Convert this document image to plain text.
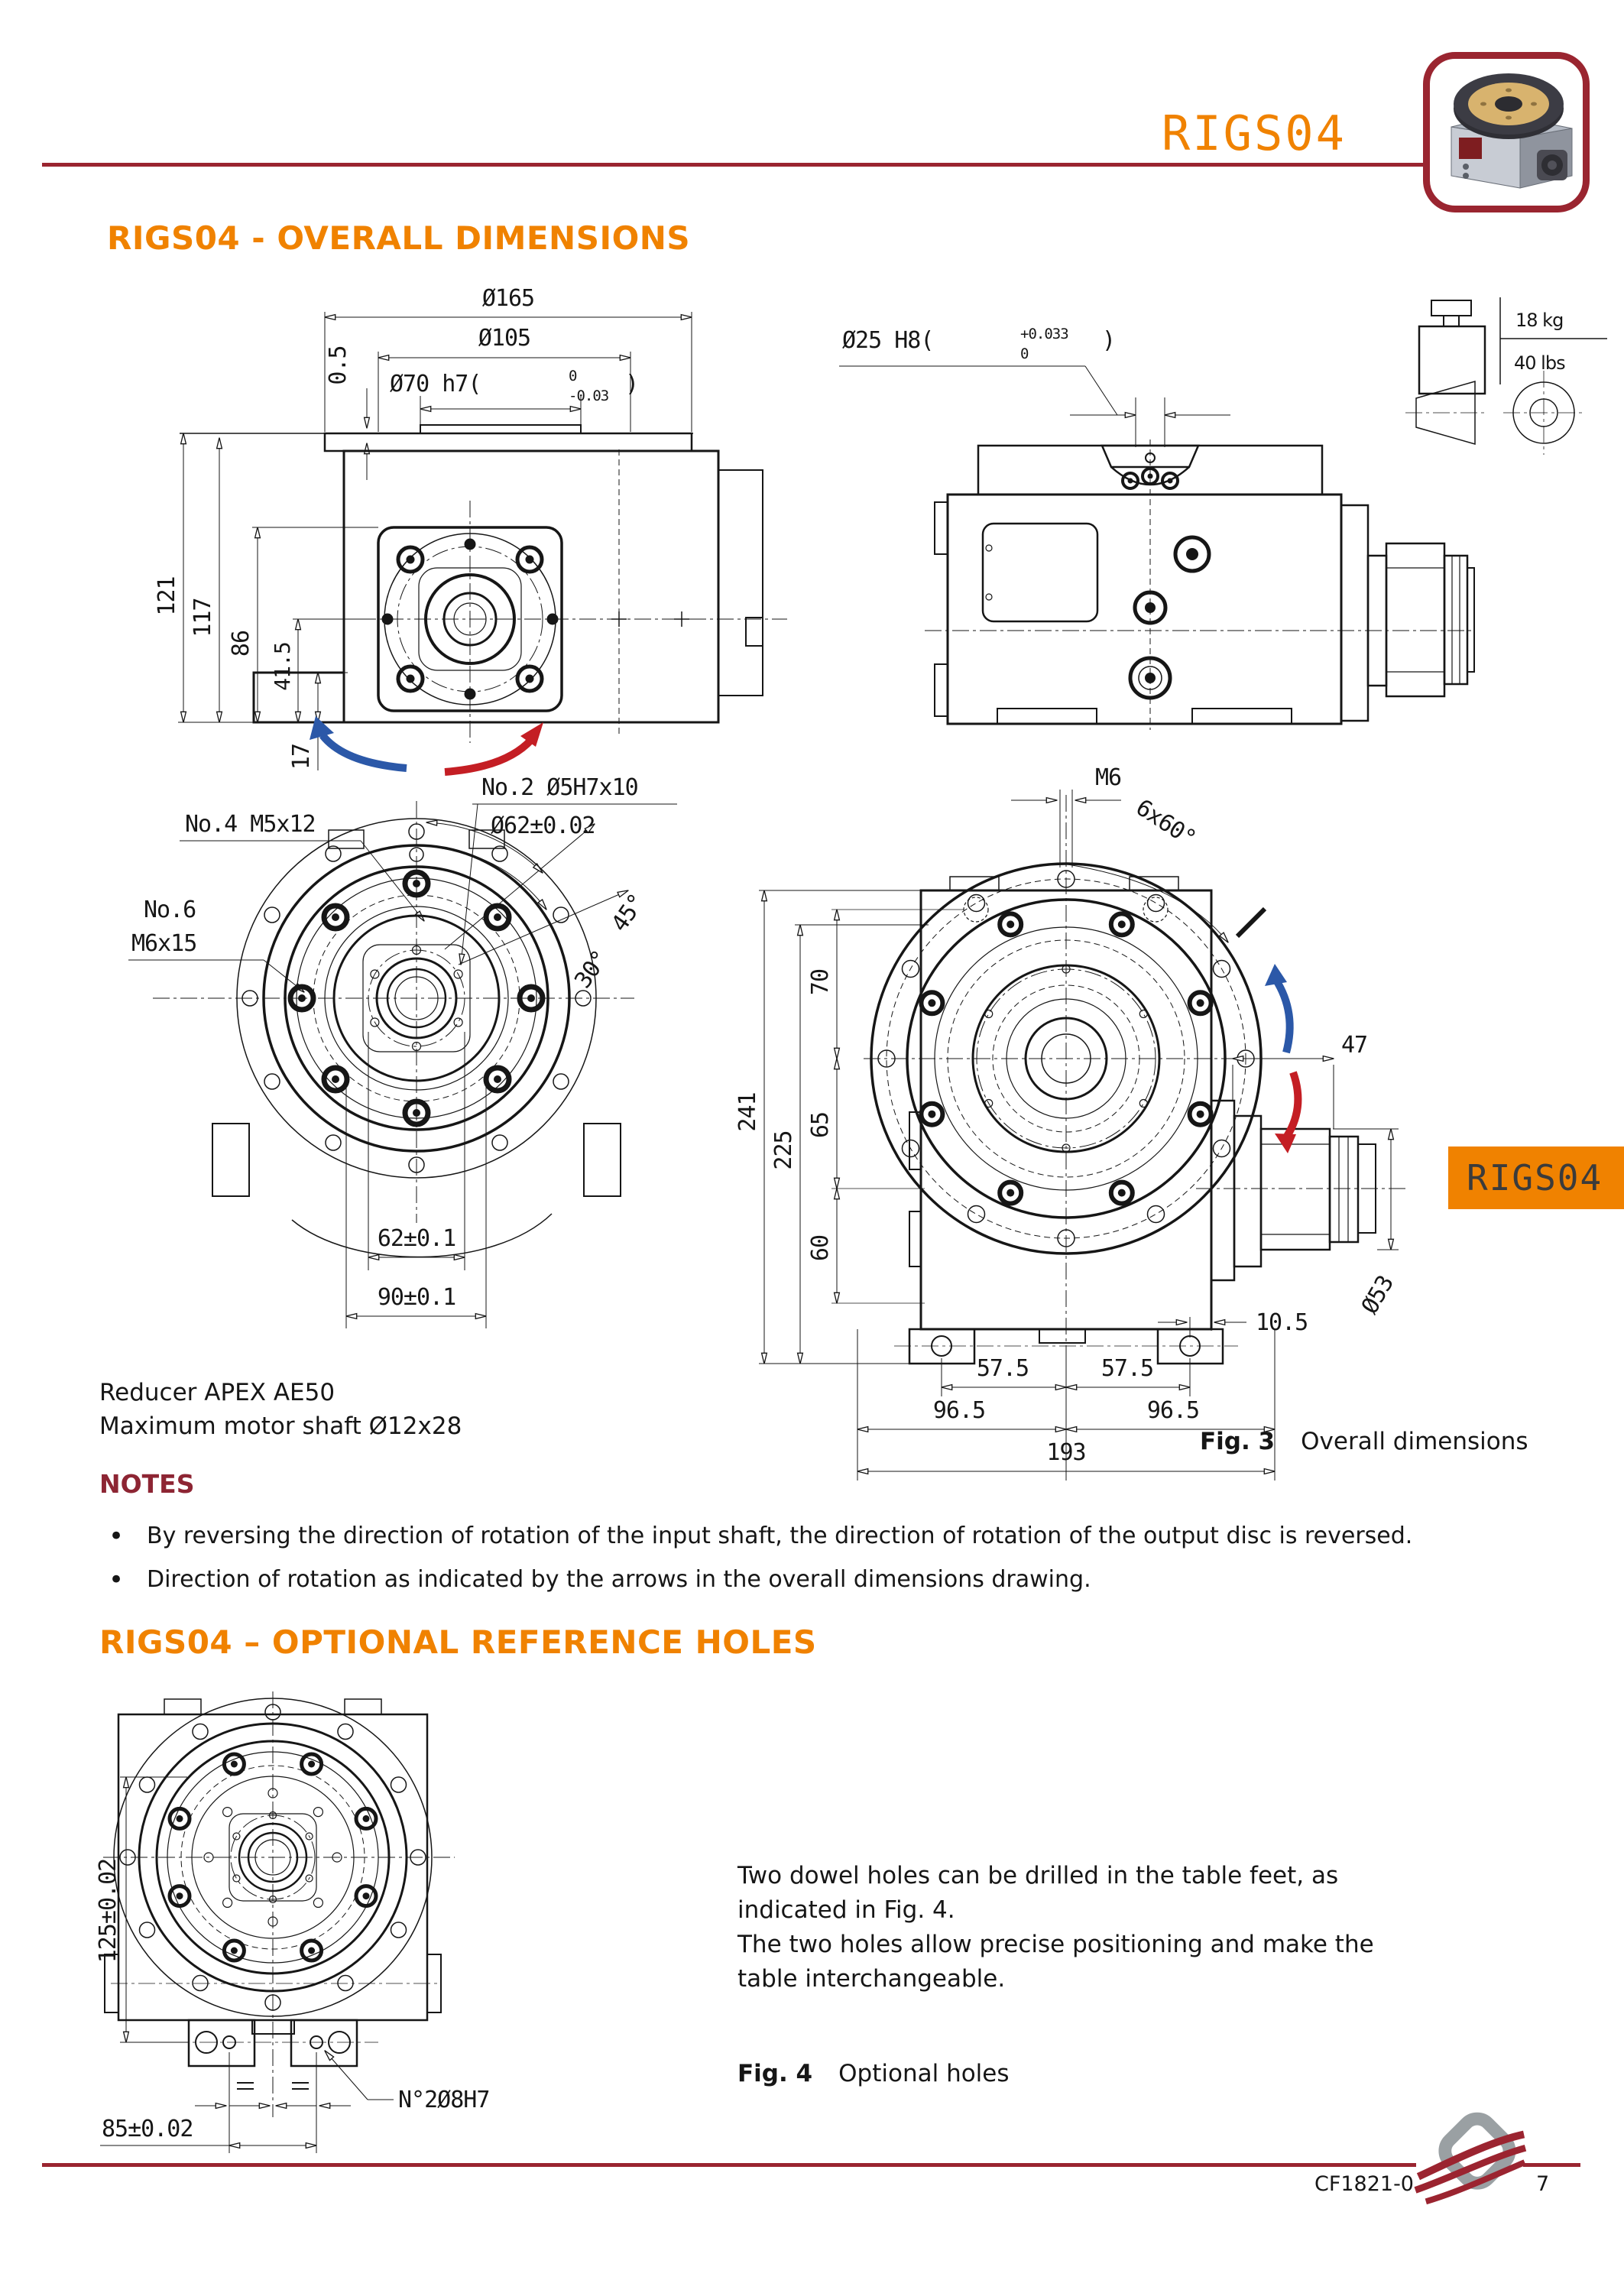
RIGS04
RIGS04 - OVERALL DIMENSIONS
Ø165
Ø105
Ø70 h7(	0
-0.03 )
0.5
121
117
86 41.5
17
Ø25 H8(	+0.033
0	)
18 kg
40 lbs
No.2 Ø5H7x10
Ø62±0.02
No.4 M5x12
No.6
M6x15
45°
30°
62±0.1
90±0.1
M6
6x60°
241
225
70
65
60
47
Ø53
10.5
57.5	57.5
96.5	96.5
193
RIGS04
Reducer APEX AE50
Maximum motor shaft Ø12x28
Fig. 3 Overall dimensions
NOTES
• By reversing the direction of rotation of the input shaft, the direction of rotation of the output disc is reversed.
• Direction of rotation as indicated by the arrows in the overall dimensions drawing.
RIGS04 – OPTIONAL REFERENCE HOLES
125±0.02
85±0.02
N°2Ø8H7
Two dowel holes can be drilled in the table feet, as
indicated in Fig. 4.
The two holes allow precise positioning and make the
table interchangeable.
Fig. 4 Optional holes
CF1821-0	7
